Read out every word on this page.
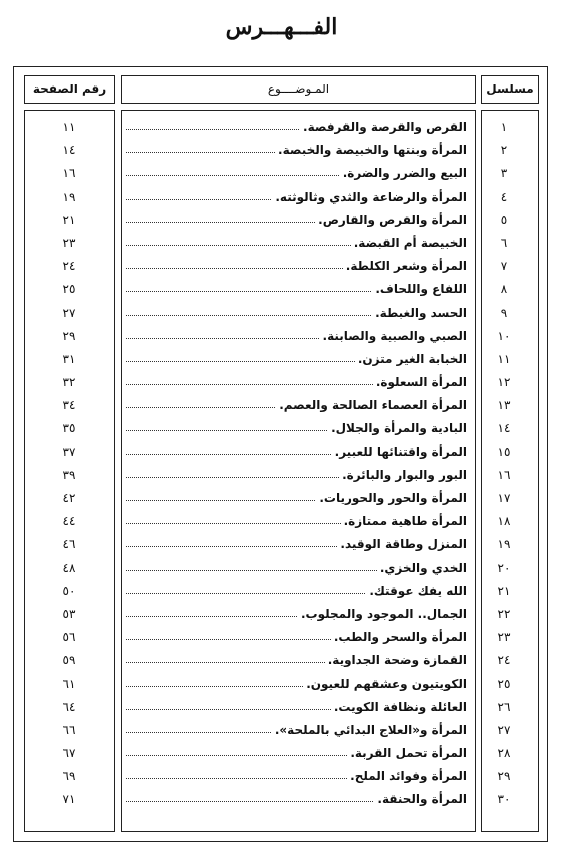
الفـــهـــرس
مسلسل
المـوضــــوع
رقم الصفحة
١
القرص والقرصة والقرفصة.
١١
٢
المرأة وبنتها والخبيصة والخبصة.
١٤
٣
البيع والضرر والضرة.
١٦
٤
المرأة والرضاعة والثدي وثالوثته.
١٩
٥
المرأة والقرص والقارص.
٢١
٦
الخبيصة أم القبضة.
٢٣
٧
المرأة وشعر الكلطة.
٢٤
٨
اللفاع واللحاف.
٢٥
٩
الحسد والغبطة.
٢٧
١٠
الصبي والصبية والصابنة.
٢٩
١١
الخبابة الغير متزن.
٣١
١٢
المرأة السعلوة.
٣٢
١٣
المرأة العصماء الصالحة والعصم.
٣٤
١٤
البادية والمرأة والجلال.
٣٥
١٥
المرأة واقتنائها للعبير.
٣٧
١٦
البور والبوار والبائرة.
٣٩
١٧
المرأة والحور والحوريات.
٤٢
١٨
المرأة طاهية ممتازة.
٤٤
١٩
المنزل وطاقة الوقيد.
٤٦
٢٠
الخدي والخزي.
٤٨
٢١
الله يفك عوقتك.
٥٠
٢٢
الجمال.. الموجود والمجلوب.
٥٣
٢٣
المرأة والسحر والطب.
٥٦
٢٤
القمازة وضحة الجداوية.
٥٩
٢٥
الكويتيون وعشقهم للعيون.
٦١
٢٦
العائلة ونظافة الكويت.
٦٤
٢٧
المرأة و«العلاج البدائي بالملحة».
٦٦
٢٨
المرأة تحمل القربة.
٦٧
٢٩
المرأة وفوائد الملح.
٦٩
٣٠
المرأة والحنقة.
٧١
